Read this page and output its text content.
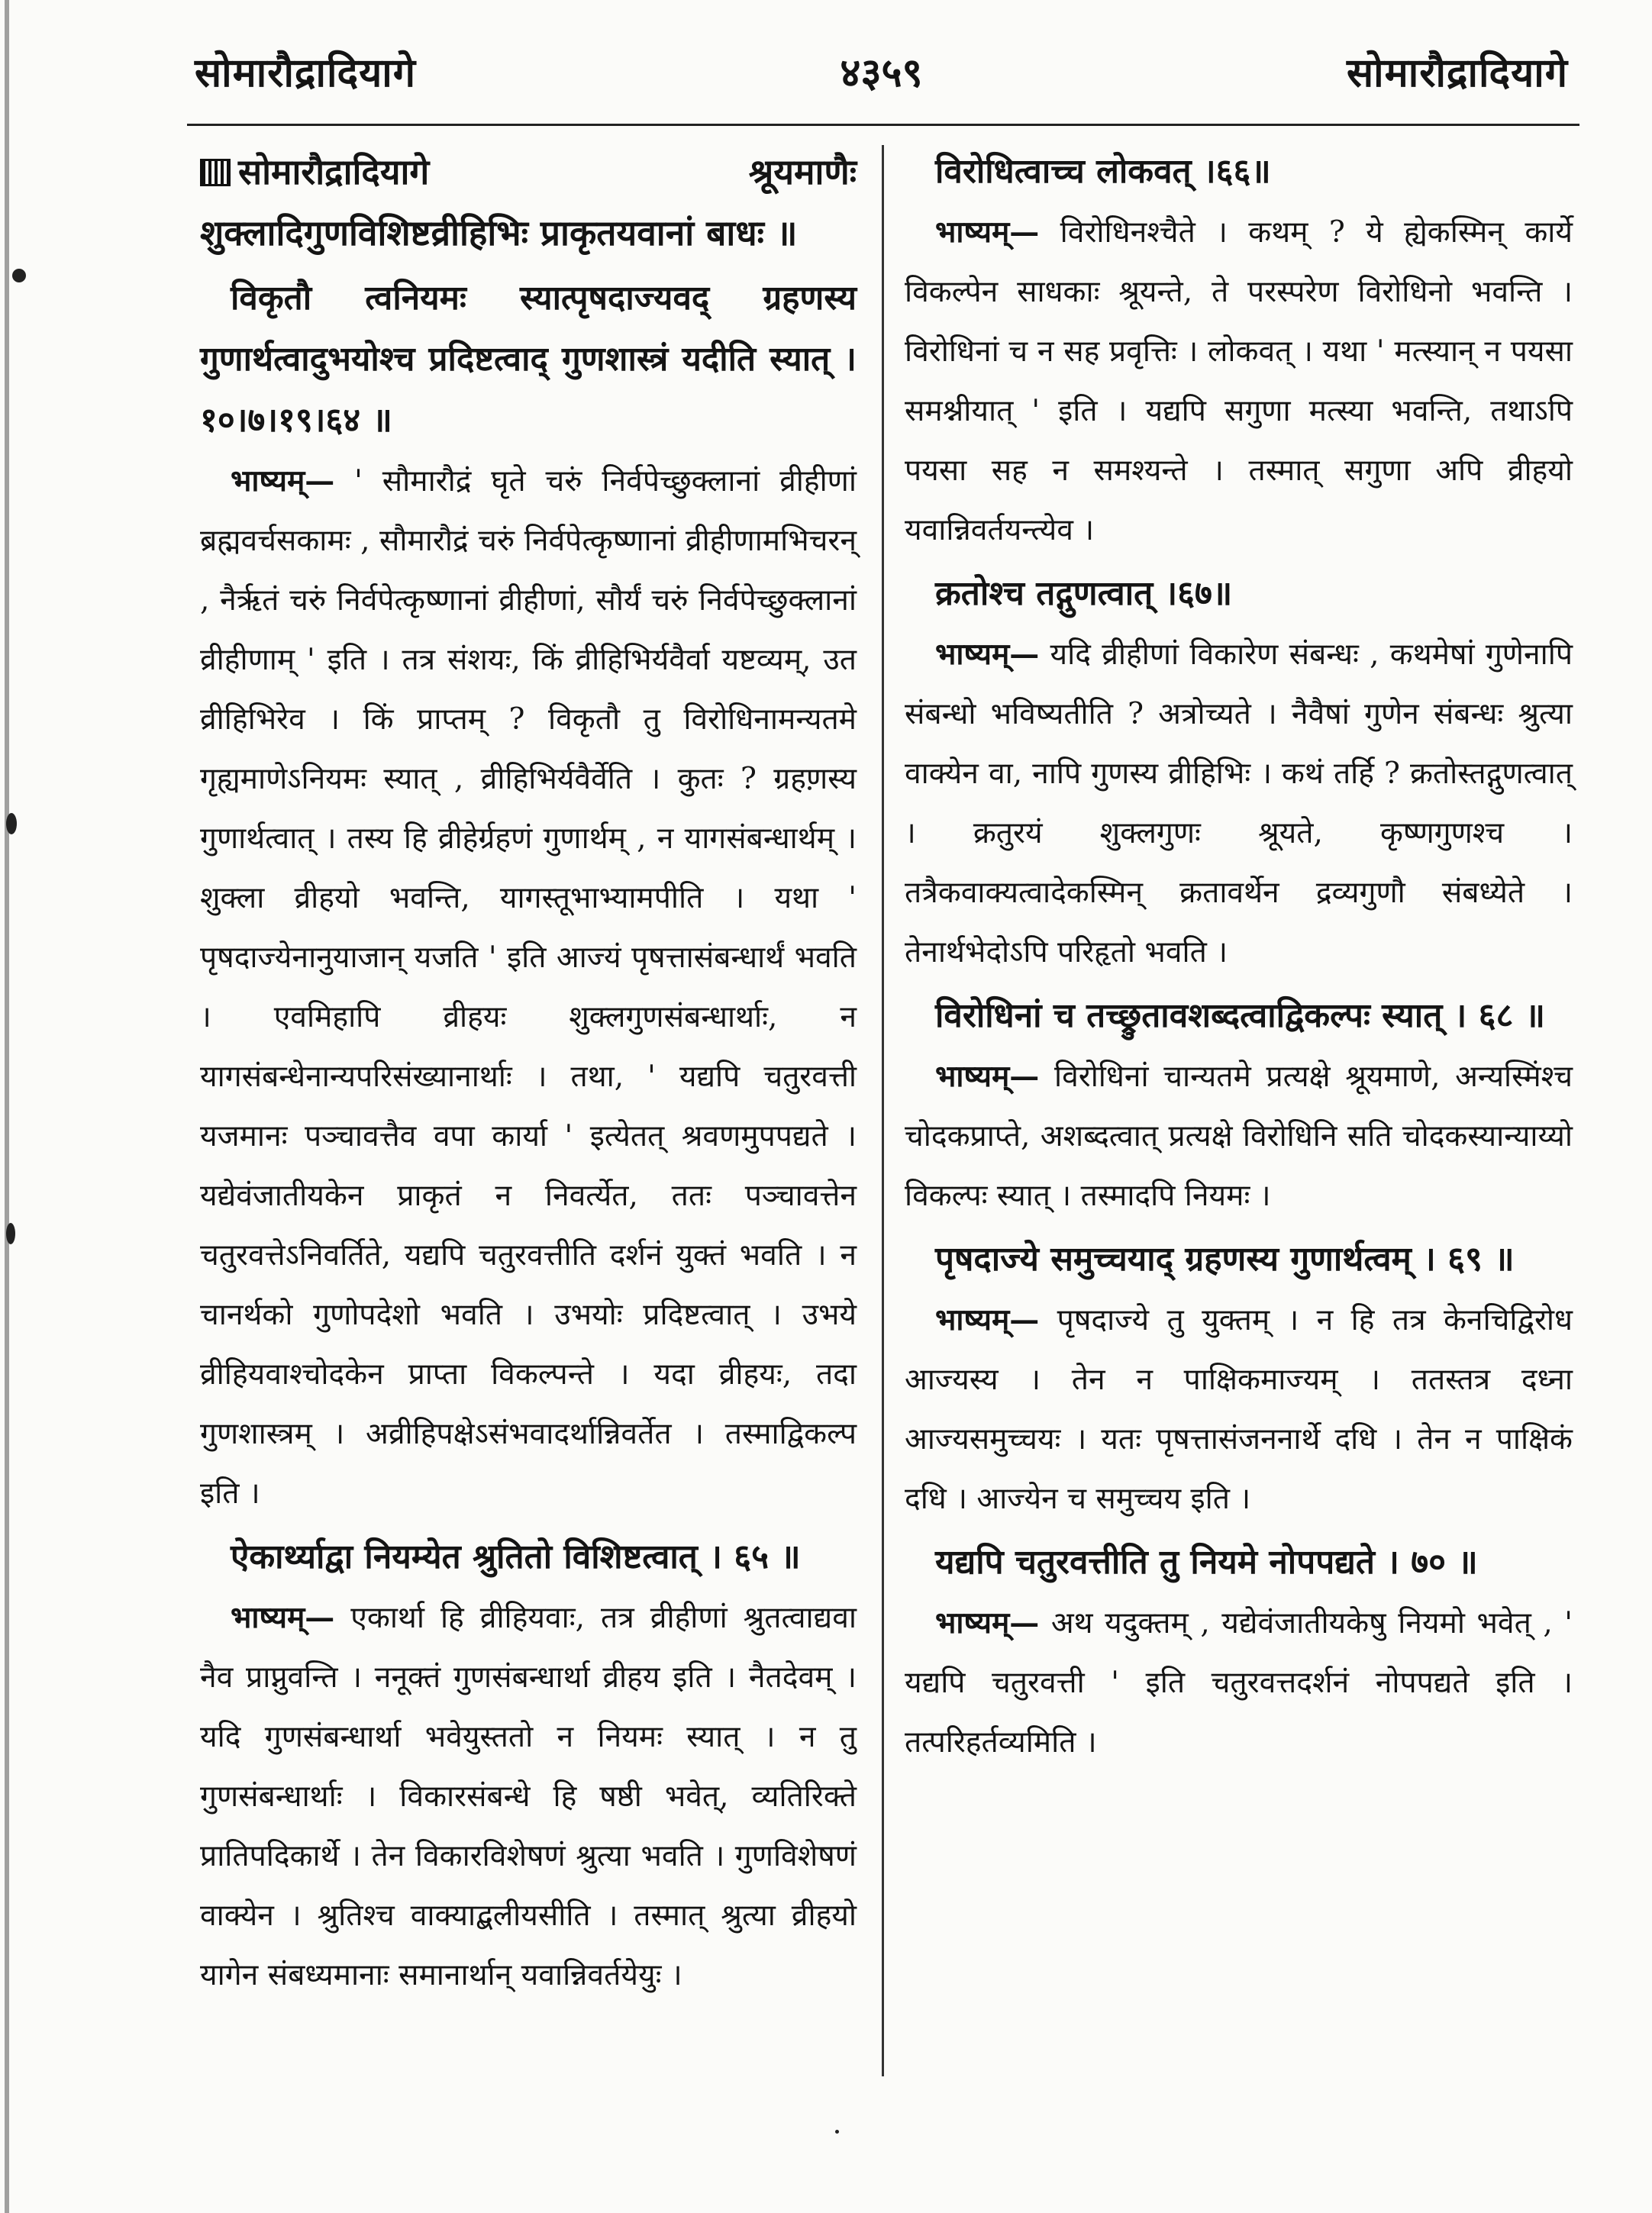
सोमारौद्रादियागे	४३५९	सोमारौद्रादियागे

सोमारौद्रादियागे श्रूयमाणैः शुक्लादिगुणविशिष्टव्रीहिभिः प्राकृतयवानां बाधः ॥

विकृतौ त्वनियमः स्यात्पृषदाज्यवद् ग्रहणस्य गुणार्थत्वादुभयोश्च प्रदिष्टत्वाद् गुणशास्त्रं यदीति स्यात् । १०।७।१९।६४ ॥

भाष्यम्— ' सौमारौद्रं घृते चरुं निर्वपेच्छुक्लानां व्रीहीणां ब्रह्मवर्चसकामः , सौमारौद्रं चरुं निर्वपेत्कृष्णानां व्रीहीणामभिचरन् , नैर्ऋतं चरुं निर्वपेत्कृष्णानां व्रीहीणां, सौर्यं चरुं निर्वपेच्छुक्लानां व्रीहीणाम् ' इति । तत्र संशयः, किं व्रीहिभिर्यवैर्वा यष्टव्यम्, उत व्रीहिभिरेव । किं प्राप्तम् ? विकृतौ तु विरोधिनामन्यतमे गृह्यमाणेऽनियमः स्यात् , व्रीहिभिर्यवैर्वेति । कुतः ? ग्रहणस्य गुणार्थत्वात् । तस्य हि व्रीहेर्ग्रहणं गुणार्थम् , न यागसंबन्धार्थम् । शुक्ला व्रीहयो भवन्ति, यागस्तूभाभ्यामपीति । यथा ' पृषदाज्येनानुयाजान् यजति ' इति आज्यं पृषत्तासंबन्धार्थं भवति । एवमिहापि व्रीहयः शुक्लगुणसंबन्धार्थाः, न यागसंबन्धेनान्यपरिसंख्यानार्थाः । तथा, ' यद्यपि चतुरवत्ती यजमानः पञ्चावत्तैव वपा कार्या ' इत्येतत् श्रवणमुपपद्यते । यद्येवंजातीयकेन प्राकृतं न निवर्त्येत, ततः पञ्चावत्तेन चतुरवत्तेऽनिवर्तिते, यद्यपि चतुरवत्तीति दर्शनं युक्तं भवति । न चानर्थको गुणोपदेशो भवति । उभयोः प्रदिष्टत्वात् । उभये व्रीहियवाश्चोदकेन प्राप्ता विकल्पन्ते । यदा व्रीहयः, तदा गुणशास्त्रम् । अव्रीहिपक्षेऽसंभवादर्थान्निवर्तेत । तस्माद्विकल्प इति ।

ऐकार्थ्याद्वा नियम्येत श्रुतितो विशिष्टत्वात् । ६५ ॥

भाष्यम्— एकार्था हि व्रीहियवाः, तत्र व्रीहीणां श्रुतत्वाद्यवा नैव प्राप्नुवन्ति । ननूक्तं गुणसंबन्धार्था व्रीहय इति । नैतदेवम् । यदि गुणसंबन्धार्था भवेयुस्ततो न नियमः स्यात् । न तु गुणसंबन्धार्थाः । विकारसंबन्धे हि षष्ठी भवेत्, व्यतिरिक्ते प्रातिपदिकार्थे । तेन विकारविशेषणं श्रुत्या भवति । गुणविशेषणं वाक्येन । श्रुतिश्च वाक्याद्बलीयसीति । तस्मात् श्रुत्या व्रीहयो यागेन संबध्यमानाः समानार्थान् यवान्निवर्तयेयुः ।

विरोधित्वाच्च लोकवत् ।६६॥

भाष्यम्— विरोधिनश्चैते । कथम् ? ये ह्येकस्मिन् कार्ये विकल्पेन साधकाः श्रूयन्ते, ते परस्परेण विरोधिनो भवन्ति । विरोधिनां च न सह प्रवृत्तिः । लोकवत् । यथा ' मत्स्यान् न पयसा समश्नीयात् ' इति । यद्यपि सगुणा मत्स्या भवन्ति, तथाऽपि पयसा सह न समश्यन्ते । तस्मात् सगुणा अपि व्रीहयो यवान्निवर्तयन्त्येव ।

क्रतोश्च तद्गुणत्वात् ।६७॥

भाष्यम्— यदि व्रीहीणां विकारेण संबन्धः , कथमेषां गुणेनापि संबन्धो भविष्यतीति ? अत्रोच्यते । नैवैषां गुणेन संबन्धः श्रुत्या वाक्येन वा, नापि गुणस्य व्रीहिभिः । कथं तर्हि ? क्रतोस्तद्गुणत्वात् । क्रतुरयं शुक्लगुणः श्रूयते, कृष्णगुणश्च । तत्रैकवाक्यत्वादेकस्मिन् क्रतावर्थेन द्रव्यगुणौ संबध्येते । तेनार्थभेदोऽपि परिहृतो भवति ।

विरोधिनां च तच्छ्रुतावशब्दत्वाद्विकल्पः स्यात् । ६८ ॥

भाष्यम्— विरोधिनां चान्यतमे प्रत्यक्षे श्रूयमाणे, अन्यस्मिंश्च चोदकप्राप्ते, अशब्दत्वात् प्रत्यक्षे विरोधिनि सति चोदकस्यान्याय्यो विकल्पः स्यात् । तस्मादपि नियमः ।

पृषदाज्ये समुच्चयाद् ग्रहणस्य गुणार्थत्वम् । ६९ ॥

भाष्यम्— पृषदाज्ये तु युक्तम् । न हि तत्र केनचिद्विरोध आज्यस्य । तेन न पाक्षिकमाज्यम् । ततस्तत्र दध्ना आज्यसमुच्चयः । यतः पृषत्तासंजननार्थे दधि । तेन न पाक्षिकं दधि । आज्येन च समुच्चय इति ।

यद्यपि चतुरवत्तीति तु नियमे नोपपद्यते । ७० ॥

भाष्यम्— अथ यदुक्तम् , यद्येवंजातीयकेषु नियमो भवेत् , ' यद्यपि चतुरवत्ती ' इति चतुरवत्तदर्शनं नोपपद्यते इति । तत्परिहर्तव्यमिति ।
